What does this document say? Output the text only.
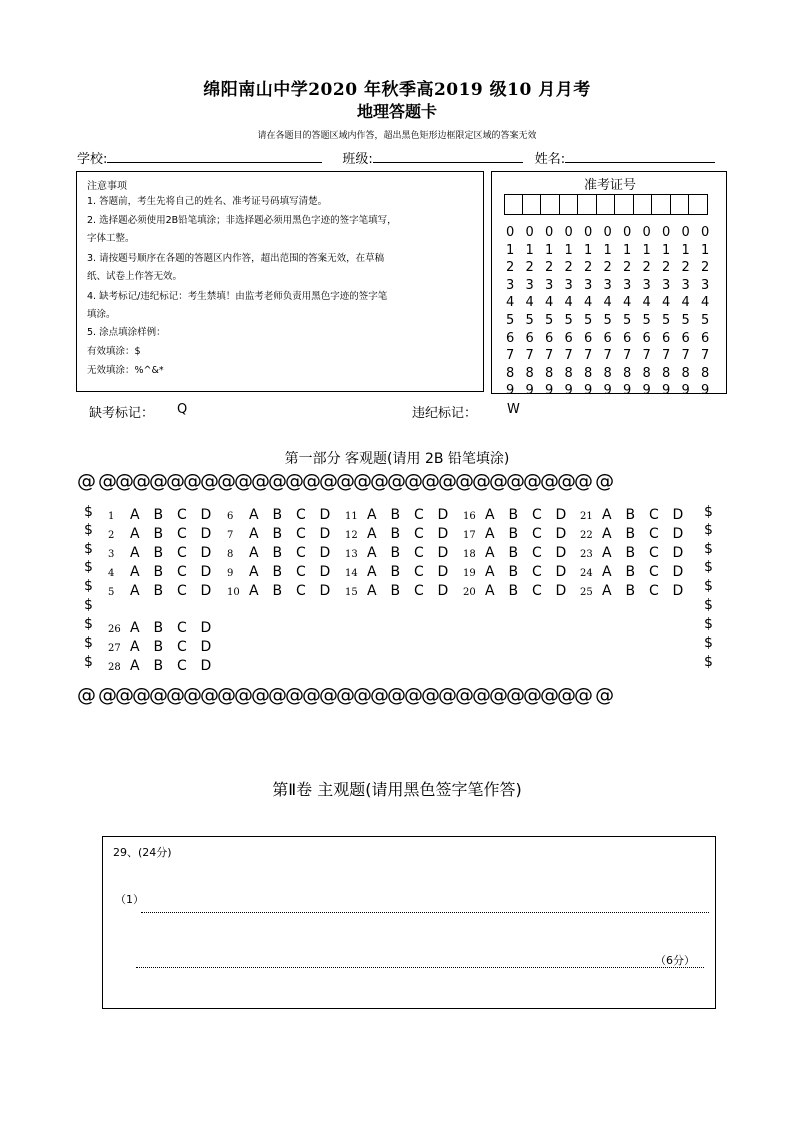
绵阳南山中学2020 年秋季高2019 级10 月月考
地理答题卡
请在各题目的答题区域内作答，超出黑色矩形边框限定区域的答案无效
学校:	班级:	姓名:
注意事项
1. 答题前，考生先将自己的姓名、准考证号码填写清楚。
2. 选择题必须使用2B铅笔填涂；非选择题必须用黑色字迹的签字笔填写，
字体工整。
3. 请按题号顺序在各题的答题区内作答，超出范围的答案无效，在草稿
纸、试卷上作答无效。
4. 缺考标记/违纪标记：考生禁填！由监考老师负责用黑色字迹的签字笔
填涂。
5. 涂点填涂样例：
有效填涂：$
无效填涂：%^&*
准考证号
0 0 0 0 0 0 0 0 0 0 0
1 1 1 1 1 1 1 1 1 1 1
2 2 2 2 2 2 2 2 2 2 2
3 3 3 3 3 3 3 3 3 3 3
4 4 4 4 4 4 4 4 4 4 4
5 5 5 5 5 5 5 5 5 5 5
6 6 6 6 6 6 6 6 6 6 6
7 7 7 7 7 7 7 7 7 7 7
8 8 8 8 8 8 8 8 8 8 8
9 9 9 9 9 9 9 9 9 9 9
缺考标记： Q	违纪标记： W
第一部分 客观题(请用 2B 铅笔填涂)
@ @@@@@@@@@@@@@@@@@@@@@@@@@@@@@ @
@ @@@@@@@@@@@@@@@@@@@@@@@@@@@@@ @
$	$
$	$
$	$
$	$
$	$
$	$
$	$
$	$
$	$
1 A B C D
2 A B C D
3 A B C D
4 A B C D
5 A B C D
6 A B C D
7 A B C D
8 A B C D
9 A B C D
10 A B C D
11 A B C D
12 A B C D
13 A B C D
14 A B C D
15 A B C D
16 A B C D
17 A B C D
18 A B C D
19 A B C D
20 A B C D
21 A B C D
22 A B C D
23 A B C D
24 A B C D
25 A B C D
26 A B C D
27 A B C D
28 A B C D
第Ⅱ卷 主观题(请用黑色签字笔作答)
29、(24分)
（1）
（6分）
